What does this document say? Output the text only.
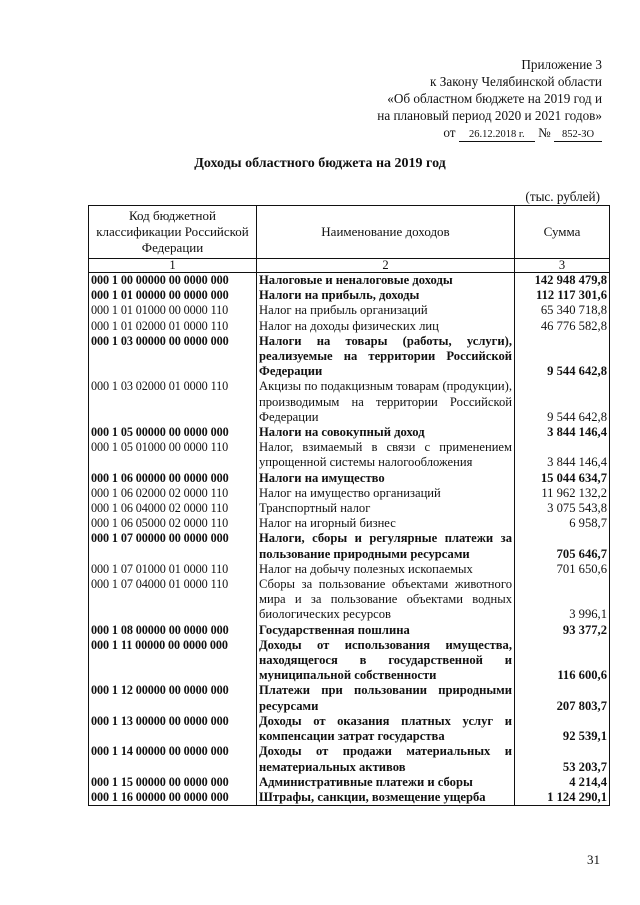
Приложение 3
к Закону Челябинской области
«Об областном бюджете на 2019 год и
на плановый период 2020 и 2021 годов»
от 26.12.2018 г. № 852-ЗО
Доходы областного бюджета на 2019 год
(тыс. рублей)
Код бюджетной классификации Российской Федерации	Наименование доходов	Сумма
1	2	3
000 1 00 00000 00 0000 000	Налоговые и неналоговые доходы	142 948 479,8
000 1 01 00000 00 0000 000	Налоги на прибыль, доходы	112 117 301,6
000 1 01 01000 00 0000 110	Налог на прибыль организаций	65 340 718,8
000 1 01 02000 01 0000 110	Налог на доходы физических лиц	46 776 582,8
000 1 03 00000 00 0000 000	Налоги на товары (работы, услуги), реализуемые на территории Российской Федерации	9 544 642,8
000 1 03 02000 01 0000 110	Акцизы по подакцизным товарам (продукции), производимым на территории Российской Федерации	9 544 642,8
000 1 05 00000 00 0000 000	Налоги на совокупный доход	3 844 146,4
000 1 05 01000 00 0000 110	Налог, взимаемый в связи с применением упрощенной системы налогообложения	3 844 146,4
000 1 06 00000 00 0000 000	Налоги на имущество	15 044 634,7
000 1 06 02000 02 0000 110	Налог на имущество организаций	11 962 132,2
000 1 06 04000 02 0000 110	Транспортный налог	3 075 543,8
000 1 06 05000 02 0000 110	Налог на игорный бизнес	6 958,7
000 1 07 00000 00 0000 000	Налоги, сборы и регулярные платежи за пользование природными ресурсами	705 646,7
000 1 07 01000 01 0000 110	Налог на добычу полезных ископаемых	701 650,6
000 1 07 04000 01 0000 110	Сборы за пользование объектами животного мира и за пользование объектами водных биологических ресурсов	3 996,1
000 1 08 00000 00 0000 000	Государственная пошлина	93 377,2
000 1 11 00000 00 0000 000	Доходы от использования имущества, находящегося в государственной и муниципальной собственности	116 600,6
000 1 12 00000 00 0000 000	Платежи при пользовании природными ресурсами	207 803,7
000 1 13 00000 00 0000 000	Доходы от оказания платных услуг и компенсации затрат государства	92 539,1
000 1 14 00000 00 0000 000	Доходы от продажи материальных и нематериальных активов	53 203,7
000 1 15 00000 00 0000 000	Административные платежи и сборы	4 214,4
000 1 16 00000 00 0000 000	Штрафы, санкции, возмещение ущерба	1 124 290,1
31
